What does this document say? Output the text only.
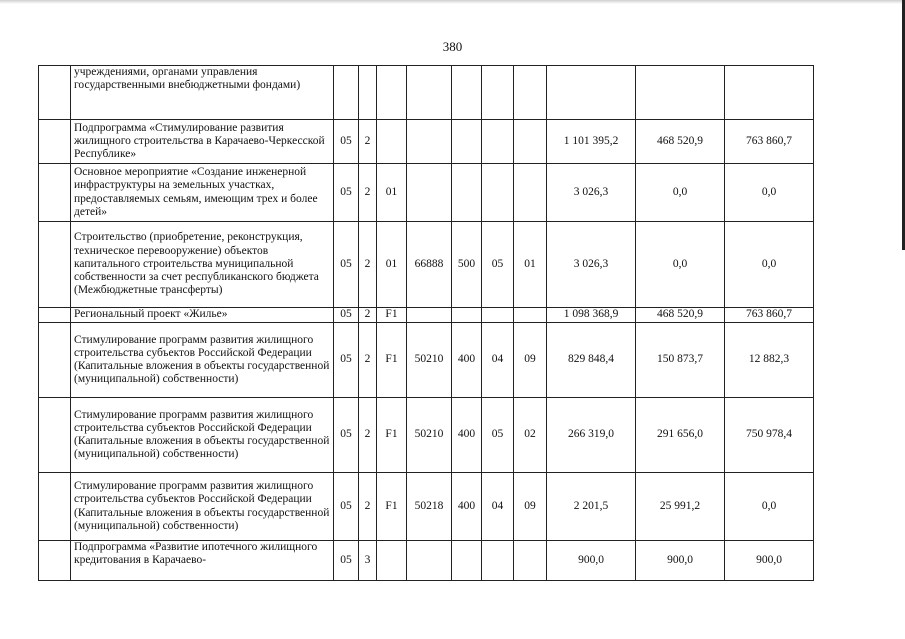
380
	учреждениями, органами управления государственными внебюджетными фондами)										
	Подпрограмма «Стимулирование развития жилищного строительства в Карачаево-Черкесской Республике»	05	2						1 101 395,2	468 520,9	763 860,7
	Основное мероприятие «Создание инженерной инфраструктуры на земельных участках, предоставляемых семьям, имеющим трех и более детей»	05	2	01					3 026,3	0,0	0,0
	Строительство (приобретение, реконструкция, техническое перевооружение) объектов капитального строительства муниципальной собственности за счет республиканского бюджета (Межбюджетные трансферты)	05	2	01	66888	500	05	01	3 026,3	0,0	0,0
	Региональный проект «Жилье»	05	2	F1					1 098 368,9	468 520,9	763 860,7
	Стимулирование программ развития жилищного строительства субъектов Российской Федерации (Капитальные вложения в объекты государственной (муниципальной) собственности)	05	2	F1	50210	400	04	09	829 848,4	150 873,7	12 882,3
	Стимулирование программ развития жилищного строительства субъектов Российской Федерации (Капитальные вложения в объекты государственной (муниципальной) собственности)	05	2	F1	50210	400	05	02	266 319,0	291 656,0	750 978,4
	Стимулирование программ развития жилищного строительства субъектов Российской Федерации (Капитальные вложения в объекты государственной (муниципальной) собственности)	05	2	F1	50218	400	04	09	2 201,5	25 991,2	0,0
	Подпрограмма «Развитие ипотечного жилищного кредитования в Карачаево-	05	3						900,0	900,0	900,0
